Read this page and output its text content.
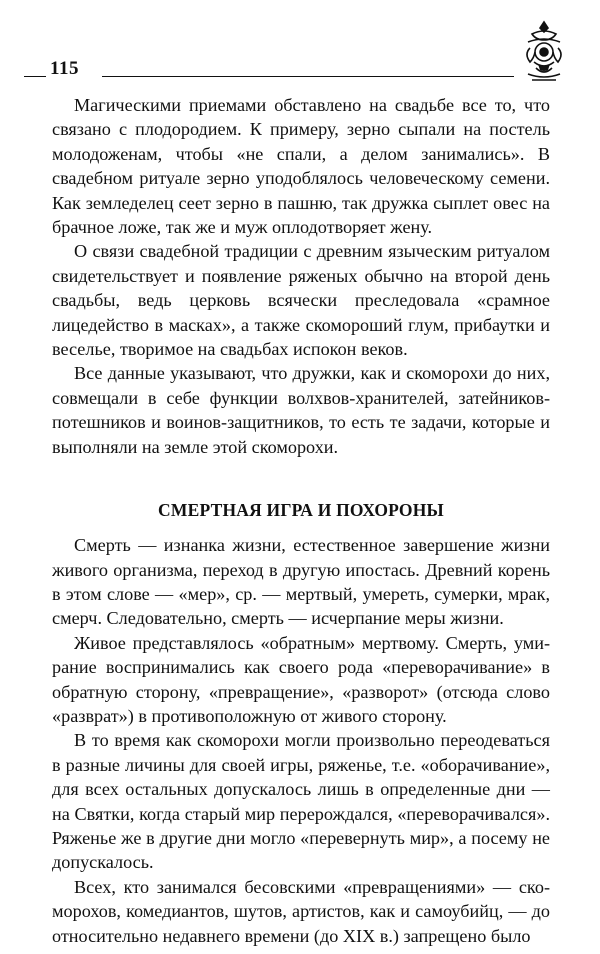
115

Магическими приемами обставлено на свадьбе все то, что связано с плодородием. К примеру, зерно сыпали на постель молодоженам, чтобы «не спали, а делом занимались». В свадебном ритуале зерно уподоблялось человеческому семени. Как земледелец сеет зерно в пашню, так дружка сыплет овес на брачное ложе, так же и муж оплодотворяет жену.

О связи свадебной традиции с древним языческим ритуалом свидетельствует и появление ряженых обычно на второй день свадьбы, ведь церковь всячески преследовала «срамное лицедейство в масках», а также скоморoший глум, прибаутки и веселье, творимое на свадьбах испокон веков.

Все данные указывают, что дружки, как и скоморохи до них, совмещали в себе функции волхвов-хранителей, затейников-потешников и воинов-защитников, то есть те задачи, которые и выполняли на земле этой скоморохи.

СМЕРТНАЯ ИГРА И ПОХОРОНЫ

Смерть — изнанка жизни, естественное завершение жизни живого организма, переход в другую ипостась. Древний корень в этом слове — «мер», ср. — мертвый, умереть, сумерки, мрак, смерч. Следовательно, смерть — исчерпание меры жизни.

Живое представлялось «обратным» мертвому. Смерть, умирание воспринимались как своего рода «переворачивание» в обратную сторону, «превращение», «разворот» (отсюда слово «разврат») в противоположную от живого сторону.

В то время как скоморохи могли произвольно переодеваться в разные личины для своей игры, ряженье, т.е. «оборачивание», для всех остальных допускалось лишь в определенные дни — на Святки, когда старый мир перерождался, «переворачивался». Ряженье же в другие дни могло «перевернуть мир», а посему не допускалось.

Всех, кто занимался бесовскими «превращениями» — скоморохов, комедиантов, шутов, артистов, как и самоубийц, — до относительно недавнего времени (до XIX в.) запрещено было
